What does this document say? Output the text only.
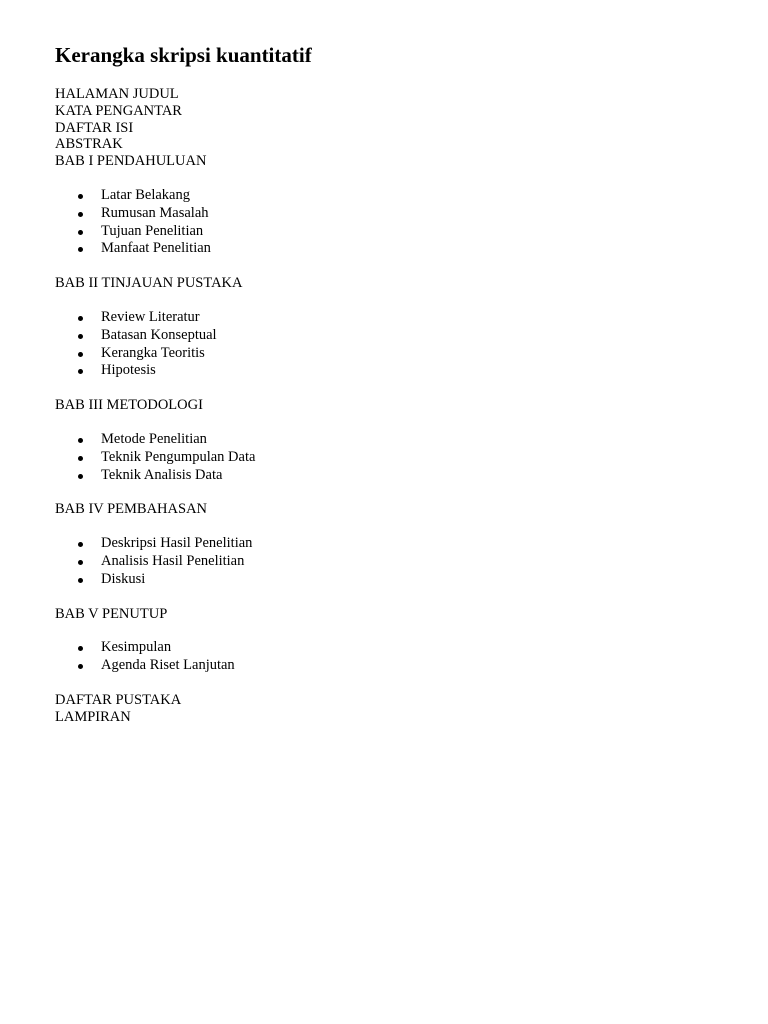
Kerangka skripsi kuantitatif

HALAMAN JUDUL

KATA PENGANTAR

DAFTAR ISI

ABSTRAK

BAB I PENDAHULUAN

Latar Belakang
Rumusan Masalah
Tujuan Penelitian
Manfaat Penelitian

BAB II TINJAUAN PUSTAKA

Review Literatur
Batasan Konseptual
Kerangka Teoritis
Hipotesis

BAB III METODOLOGI

Metode Penelitian
Teknik Pengumpulan Data
Teknik Analisis Data

BAB IV PEMBAHASAN

Deskripsi Hasil Penelitian
Analisis Hasil Penelitian
Diskusi

BAB V PENUTUP

Kesimpulan
Agenda Riset Lanjutan

DAFTAR PUSTAKA

LAMPIRAN
